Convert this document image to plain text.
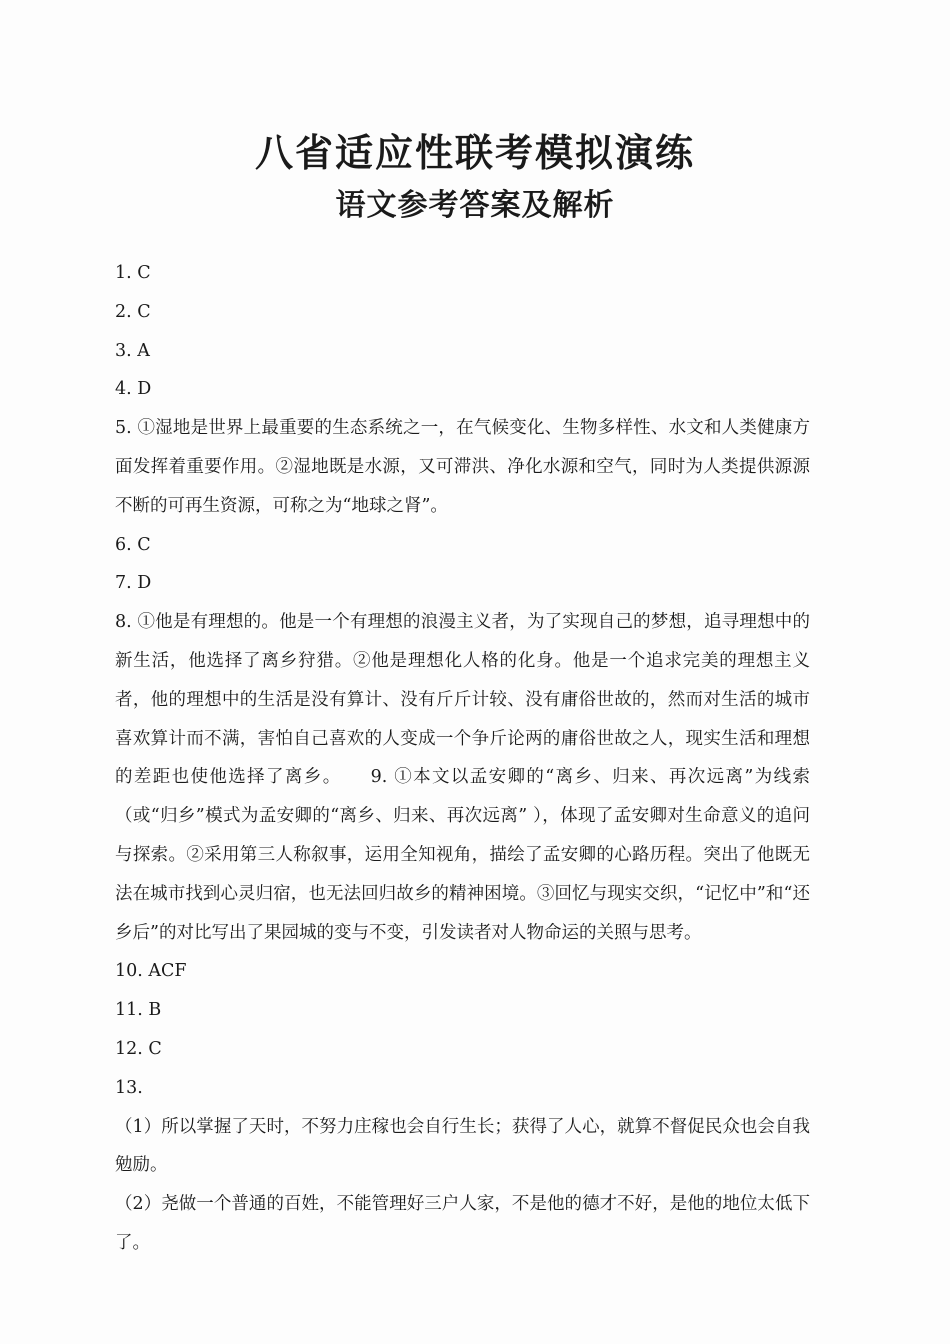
八省适应性联考模拟演练
语文参考答案及解析

1. C

2. C

3. A

4. D

5. ①湿地是世界上最重要的生态系统之一，在气候变化、生物多样性、水文和人类健康方面发挥着重要作用。②湿地既是水源，又可滞洪、净化水源和空气，同时为人类提供源源不断的可再生资源，可称之为“地球之肾”。

6. C

7. D

8. ①他是有理想的。他是一个有理想的浪漫主义者，为了实现自己的梦想，追寻理想中的新生活，他选择了离乡狩猎。②他是理想化人格的化身。他是一个追求完美的理想主义者，他的理想中的生活是没有算计、没有斤斤计较、没有庸俗世故的，然而对生活的城市喜欢算计而不满，害怕自己喜欢的人变成一个争斤论两的庸俗世故之人，现实生活和理想的差距也使他选择了离乡。　　9. ①本文以孟安卿的“离乡、归来、再次远离”为线索（或“归乡”模式为孟安卿的“离乡、归来、再次远离” ），体现了孟安卿对生命意义的追问与探索。②采用第三人称叙事，运用全知视角，描绘了孟安卿的心路历程。突出了他既无法在城市找到心灵归宿，也无法回归故乡的精神困境。③回忆与现实交织，“记忆中”和“还乡后”的对比写出了果园城的变与不变，引发读者对人物命运的关照与思考。

10. ACF

11. B

12. C

13.

（1）所以掌握了天时，不努力庄稼也会自行生长；获得了人心，就算不督促民众也会自我勉励。

（2）尧做一个普通的百姓，不能管理好三户人家，不是他的德才不好，是他的地位太低下了。
